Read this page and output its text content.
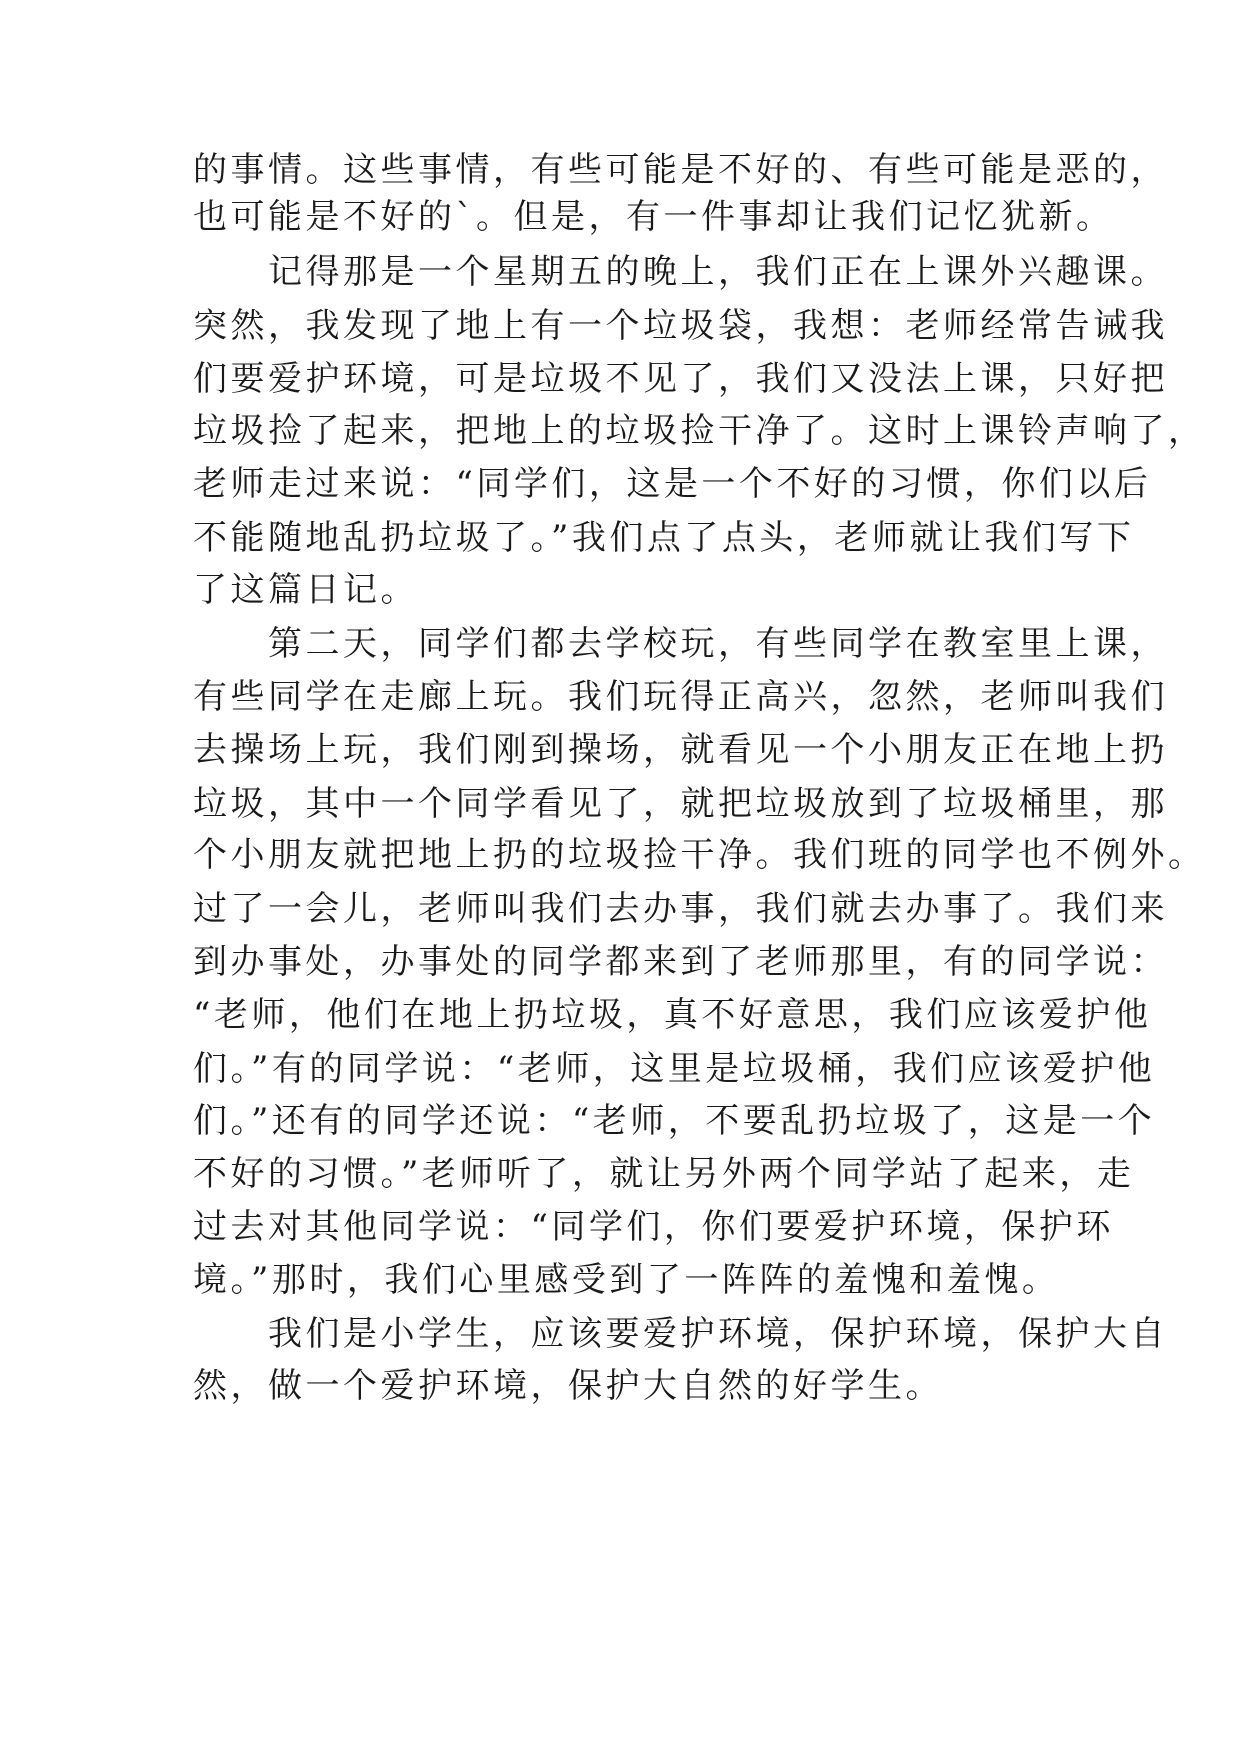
的事情。这些事情，有些可能是不好的、有些可能是恶的，
也可能是不好的`。但是，有一件事却让我们记忆犹新。
　　记得那是一个星期五的晚上，我们正在上课外兴趣课。
突然，我发现了地上有一个垃圾袋，我想：老师经常告诫我
们要爱护环境，可是垃圾不见了，我们又没法上课，只好把
垃圾捡了起来，把地上的垃圾捡干净了。这时上课铃声响了，
老师走过来说：“同学们，这是一个不好的习惯，你们以后
不能随地乱扔垃圾了。”我们点了点头，老师就让我们写下
了这篇日记。
　　第二天，同学们都去学校玩，有些同学在教室里上课，
有些同学在走廊上玩。我们玩得正高兴，忽然，老师叫我们
去操场上玩，我们刚到操场，就看见一个小朋友正在地上扔
垃圾，其中一个同学看见了，就把垃圾放到了垃圾桶里，那
个小朋友就把地上扔的垃圾捡干净。我们班的同学也不例外。
过了一会儿，老师叫我们去办事，我们就去办事了。我们来
到办事处，办事处的同学都来到了老师那里，有的同学说：
“老师，他们在地上扔垃圾，真不好意思，我们应该爱护他
们。”有的同学说：“老师，这里是垃圾桶，我们应该爱护他
们。”还有的同学还说：“老师，不要乱扔垃圾了，这是一个
不好的习惯。”老师听了，就让另外两个同学站了起来，走
过去对其他同学说：“同学们，你们要爱护环境，保护环
境。”那时，我们心里感受到了一阵阵的羞愧和羞愧。
　　我们是小学生，应该要爱护环境，保护环境，保护大自
然，做一个爱护环境，保护大自然的好学生。
